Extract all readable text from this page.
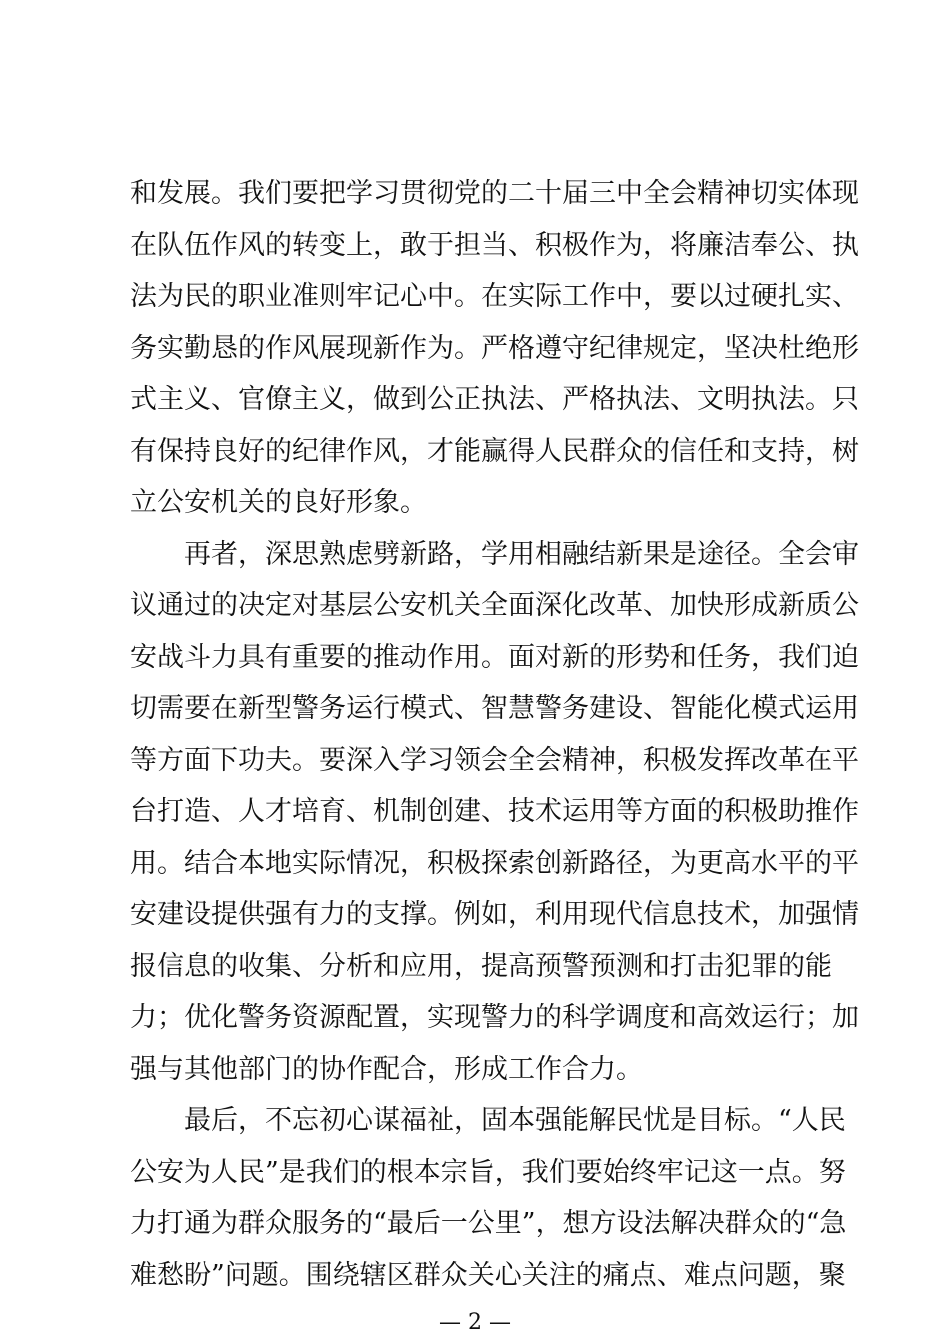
和发展。我们要把学习贯彻党的二十届三中全会精神切实体现
在队伍作风的转变上，敢于担当、积极作为，将廉洁奉公、执
法为民的职业准则牢记心中。在实际工作中，要以过硬扎实、
务实勤恳的作风展现新作为。严格遵守纪律规定，坚决杜绝形
式主义、官僚主义，做到公正执法、严格执法、文明执法。只
有保持良好的纪律作风，才能赢得人民群众的信任和支持，树
立公安机关的良好形象。
再者，深思熟虑劈新路，学用相融结新果是途径。全会审
议通过的决定对基层公安机关全面深化改革、加快形成新质公
安战斗力具有重要的推动作用。面对新的形势和任务，我们迫
切需要在新型警务运行模式、智慧警务建设、智能化模式运用
等方面下功夫。要深入学习领会全会精神，积极发挥改革在平
台打造、人才培育、机制创建、技术运用等方面的积极助推作
用。结合本地实际情况，积极探索创新路径，为更高水平的平
安建设提供强有力的支撑。例如，利用现代信息技术，加强情
报信息的收集、分析和应用，提高预警预测和打击犯罪的能
力；优化警务资源配置，实现警力的科学调度和高效运行；加
强与其他部门的协作配合，形成工作合力。
最后，不忘初心谋福祉，固本强能解民忧是目标。“人民
公安为人民”是我们的根本宗旨，我们要始终牢记这一点。努
力打通为群众服务的“最后一公里”，想方设法解决群众的“急
难愁盼”问题。围绕辖区群众关心关注的痛点、难点问题，聚
— 2 —
